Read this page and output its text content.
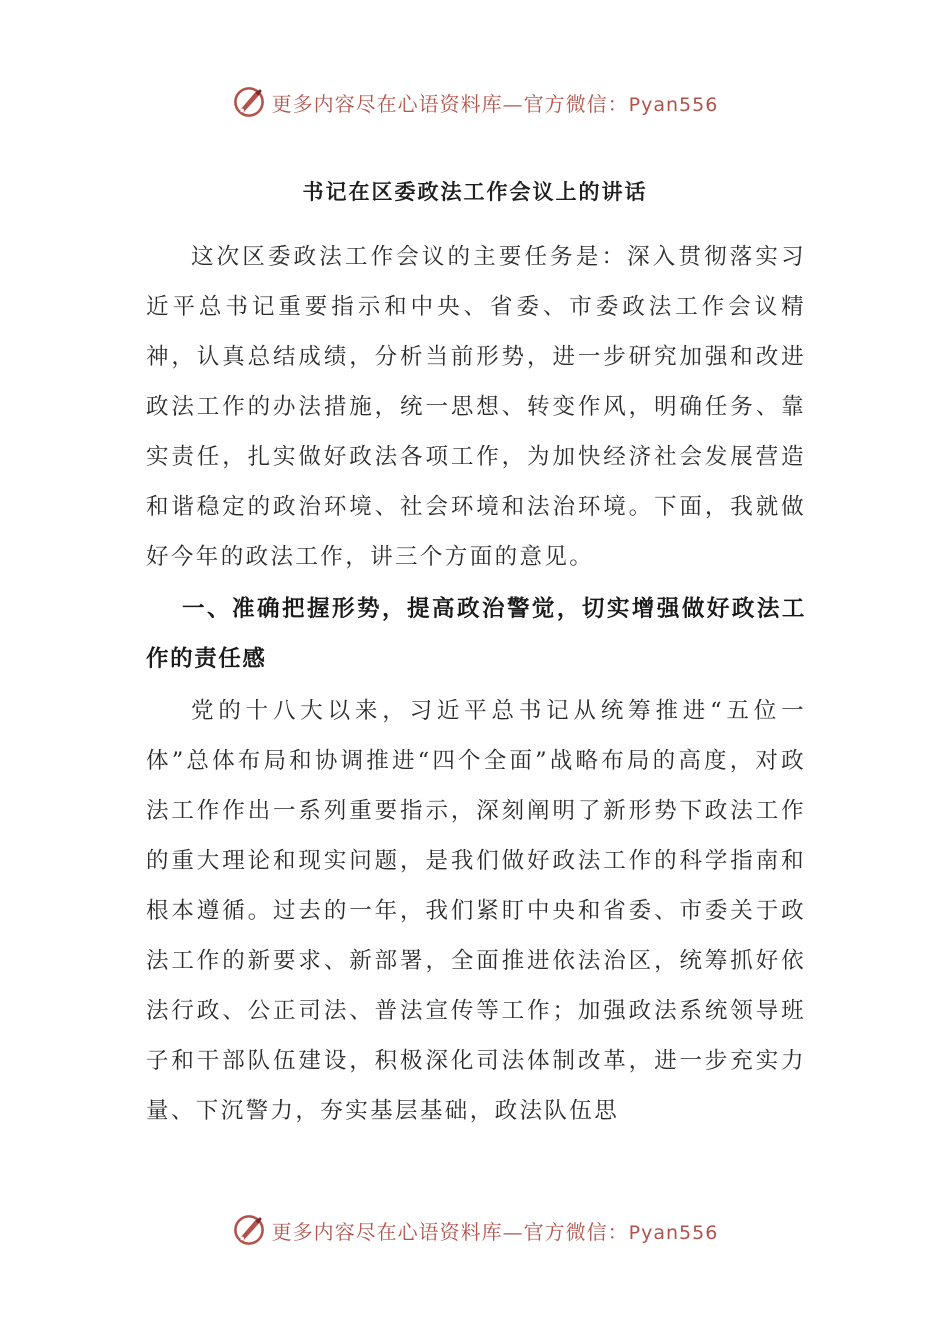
更多内容尽在心语资料库—官方微信：Pyan556
书记在区委政法工作会议上的讲话

这次区委政法工作会议的主要任务是：深入贯彻落实习近平总书记重要指示和中央、省委、市委政法工作会议精神，认真总结成绩，分析当前形势，进一步研究加强和改进政法工作的办法措施，统一思想、转变作风，明确任务、靠实责任，扎实做好政法各项工作，为加快经济社会发展营造和谐稳定的政治环境、社会环境和法治环境。下面，我就做好今年的政法工作，讲三个方面的意见。

一、准确把握形势，提高政治警觉，切实增强做好政法工作的责任感

党的十八大以来，习近平总书记从统筹推进“五位一体”总体布局和协调推进“四个全面”战略布局的高度，对政法工作作出一系列重要指示，深刻阐明了新形势下政法工作的重大理论和现实问题，是我们做好政法工作的科学指南和根本遵循。过去的一年，我们紧盯中央和省委、市委关于政法工作的新要求、新部署，全面推进依法治区，统筹抓好依法行政、公正司法、普法宣传等工作；加强政法系统领导班子和干部队伍建设，积极深化司法体制改革，进一步充实力量、下沉警力，夯实基层基础，政法队伍思

更多内容尽在心语资料库—官方微信：Pyan556
